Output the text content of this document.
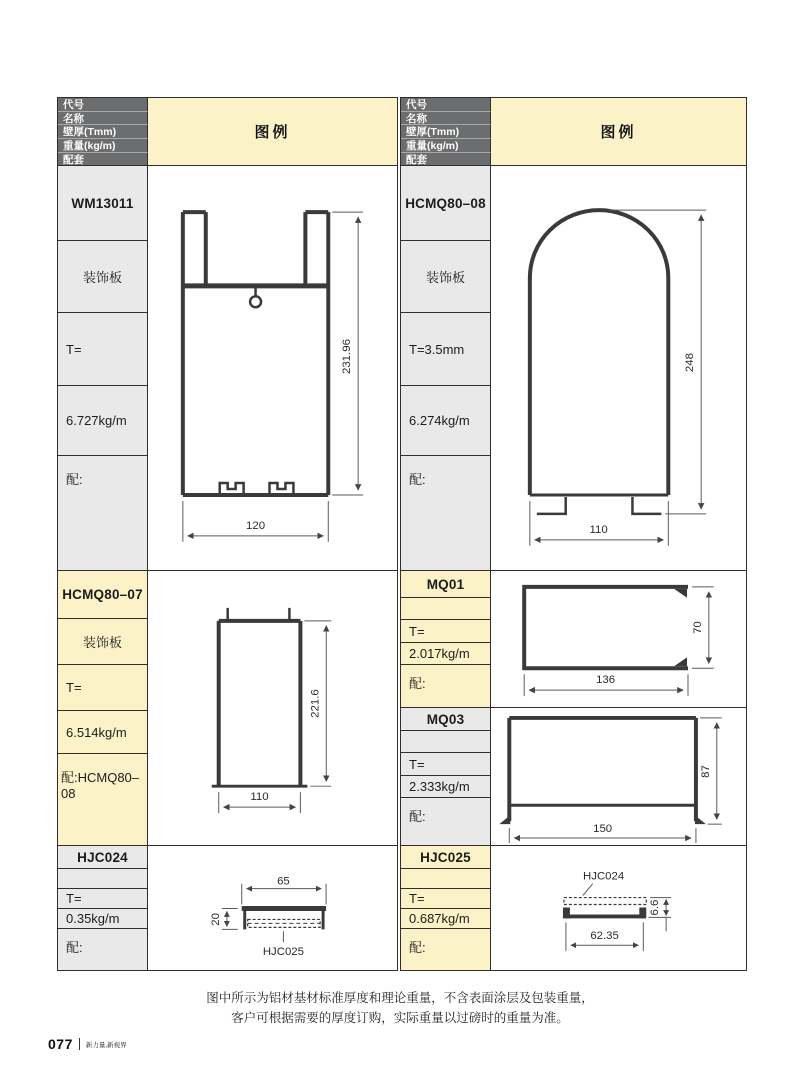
代号
名称
壁厚(Tmm)
重量(kg/m)
配套
图例
WM13011
装饰板
T=
6.727kg/m
配:
231.96
120
HCMQ80–07
装饰板
T=
6.514kg/m
配:HCMQ80–08
221.6
110
HJC024
T=
0.35kg/m
配:
65
20
HJC025
代号
名称
壁厚(Tmm)
重量(kg/m)
配套
图例
HCMQ80–08
装饰板
T=3.5mm
6.274kg/m
配:
248
110
MQ01
T=
2.017kg/m
配:
70
136
MQ03
T=
2.333kg/m
配:
87
150
HJC025
T=
0.687kg/m
配:
HJC024
6.6
62.35
图中所示为铝材基材标准厚度和理论重量，不含表面涂层及包装重量，
客户可根据需要的厚度订购，实际重量以过磅时的重量为准。
077 新力量,新视界
